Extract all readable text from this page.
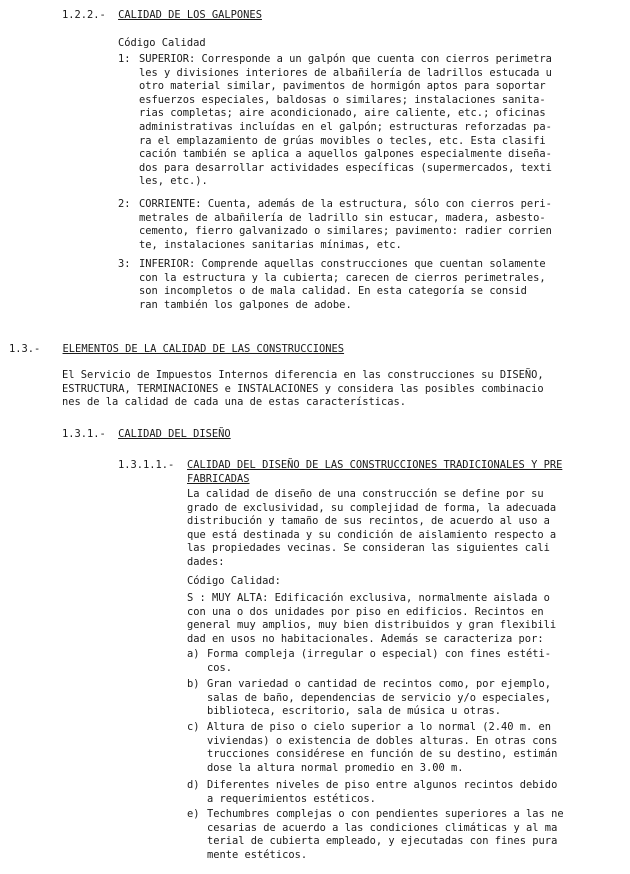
1.2.2.- CALIDAD DE LOS GALPONES
Código Calidad
1: SUPERIOR: Corresponde a un galpón que cuenta con cierros perimetra
les y divisiones interiores de albañilería de ladrillos estucada u
otro material similar, pavimentos de hormigón aptos para soportar
esfuerzos especiales, baldosas o similares; instalaciones sanita-
rias completas; aire acondicionado, aire caliente, etc.; oficinas
administrativas incluídas en el galpón; estructuras reforzadas pa-
ra el emplazamiento de grúas movibles o tecles, etc. Esta clasifi
cación también se aplica a aquellos galpones especialmente diseña-
dos para desarrollar actividades específicas (supermercados, texti
les, etc.).
2: CORRIENTE: Cuenta, además de la estructura, sólo con cierros peri-
metrales de albañilería de ladrillo sin estucar, madera, asbesto-
cemento, fierro galvanizado o similares; pavimento: radier corrien
te, instalaciones sanitarias mínimas, etc.
3: INFERIOR: Comprende aquellas construcciones que cuentan solamente
con la estructura y la cubierta; carecen de cierros perimetrales,
son incompletos o de mala calidad. En esta categoría se consid
ran también los galpones de adobe.
1.3.- ELEMENTOS DE LA CALIDAD DE LAS CONSTRUCCIONES
El Servicio de Impuestos Internos diferencia en las construcciones su DISEÑO,
ESTRUCTURA, TERMINACIONES e INSTALACIONES y considera las posibles combinacio
nes de la calidad de cada una de estas características.
1.3.1.- CALIDAD DEL DISEÑO
1.3.1.1.- CALIDAD DEL DISEÑO DE LAS CONSTRUCCIONES TRADICIONALES Y PRE
FABRICADAS
La calidad de diseño de una construcción se define por su
grado de exclusividad, su complejidad de forma, la adecuada
distribución y tamaño de sus recintos, de acuerdo al uso a
que está destinada y su condición de aislamiento respecto a
las propiedades vecinas. Se consideran las siguientes cali
dades:
Código Calidad:
S : MUY ALTA: Edificación exclusiva, normalmente aislada o
con una o dos unidades por piso en edificios. Recintos en
general muy amplios, muy bien distribuidos y gran flexibili
dad en usos no habitacionales. Además se caracteriza por:
a) Forma compleja (irregular o especial) con fines estéti-
cos.
b) Gran variedad o cantidad de recintos como, por ejemplo,
salas de baño, dependencias de servicio y/o especiales,
biblioteca, escritorio, sala de música u otras.
c) Altura de piso o cielo superior a lo normal (2.40 m. en
viviendas) o existencia de dobles alturas. En otras cons
trucciones considérese en función de su destino, estimán
dose la altura normal promedio en 3.00 m.
d) Diferentes niveles de piso entre algunos recintos debido
a requerimientos estéticos.
e) Techumbres complejas o con pendientes superiores a las ne
cesarias de acuerdo a las condiciones climáticas y al ma
terial de cubierta empleado, y ejecutadas con fines pura
mente estéticos.
